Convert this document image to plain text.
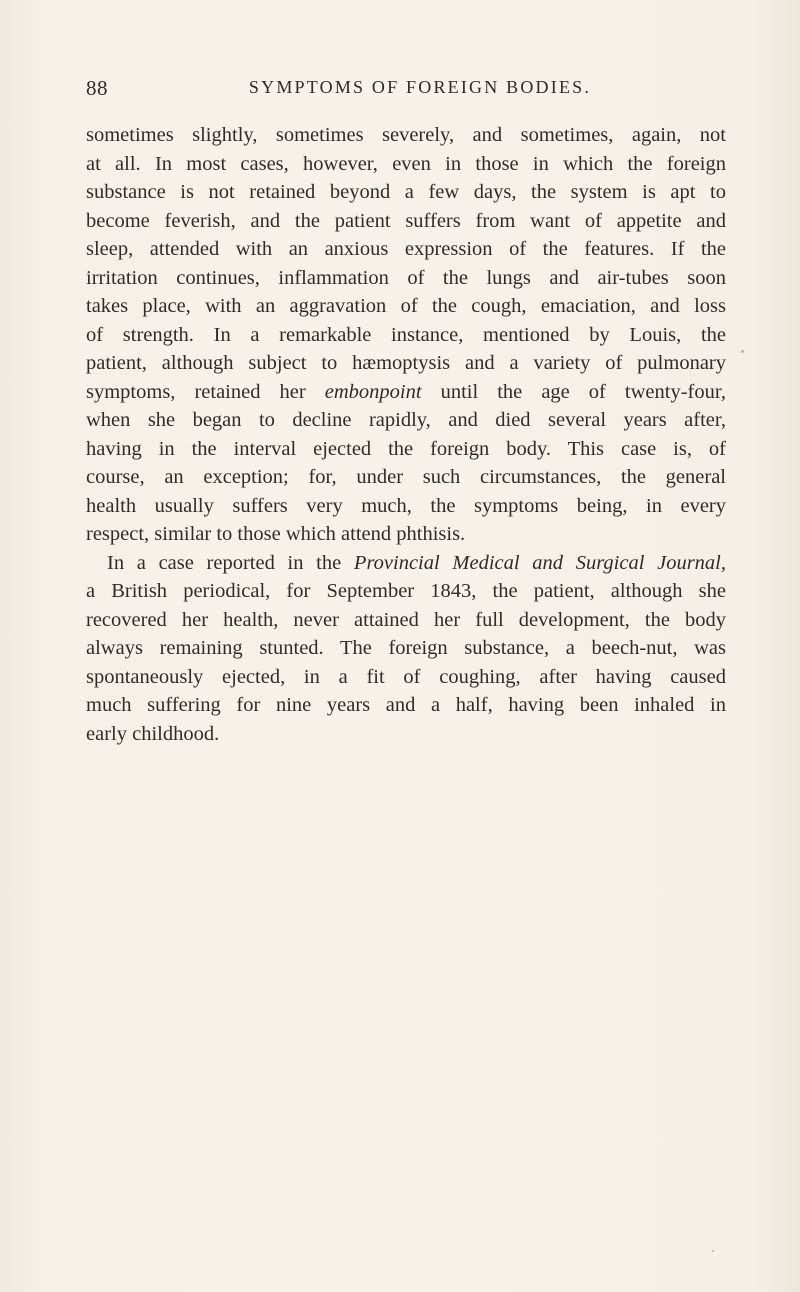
88	SYMPTOMS OF FOREIGN BODIES.

sometimes slightly, sometimes severely, and sometimes, again, not
at all. In most cases, however, even in those in which the foreign
substance is not retained beyond a few days, the system is apt to
become feverish, and the patient suffers from want of appetite and
sleep, attended with an anxious expression of the features. If the
irritation continues, inflammation of the lungs and air-tubes soon
takes place, with an aggravation of the cough, emaciation, and loss
of strength. In a remarkable instance, mentioned by Louis, the
patient, although subject to hæmoptysis and a variety of pulmonary
symptoms, retained her embonpoint until the age of twenty-four,
when she began to decline rapidly, and died several years after,
having in the interval ejected the foreign body. This case is, of
course, an exception; for, under such circumstances, the general
health usually suffers very much, the symptoms being, in every
respect, similar to those which attend phthisis.

In a case reported in the Provincial Medical and Surgical Journal,
a British periodical, for September 1843, the patient, although she
recovered her health, never attained her full development, the body
always remaining stunted. The foreign substance, a beech-nut, was
spontaneously ejected, in a fit of coughing, after having caused
much suffering for nine years and a half, having been inhaled in
early childhood.
